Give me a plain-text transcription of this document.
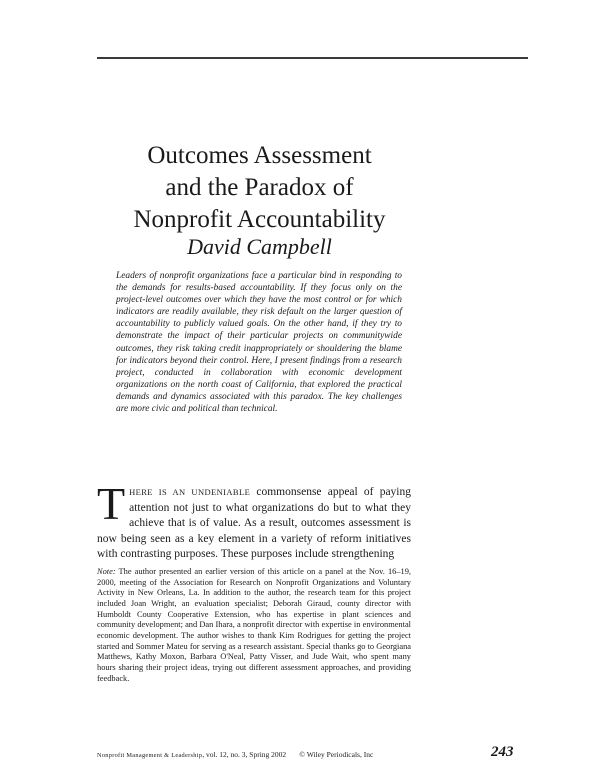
Outcomes Assessment
and the Paradox of
Nonprofit Accountability
David Campbell
Leaders of nonprofit organizations face a particular bind in responding to the demands for results-based accountability. If they focus only on the project-level outcomes over which they have the most control or for which indicators are readily available, they risk default on the larger question of accountability to publicly valued goals. On the other hand, if they try to demonstrate the impact of their particular projects on communitywide outcomes, they risk taking credit inappropriately or shouldering the blame for indicators beyond their control. Here, I present findings from a research project, conducted in collaboration with economic development organizations on the north coast of California, that explored the practical demands and dynamics associated with this paradox. The key challenges are more civic and political than technical.
THERE IS AN UNDENIABLE commonsense appeal of paying attention not just to what organizations do but to what they achieve that is of value. As a result, outcomes assessment is now being seen as a key element in a variety of reform initiatives with contrasting purposes. These purposes include strengthening
Note: The author presented an earlier version of this article on a panel at the Nov. 16–19, 2000, meeting of the Association for Research on Nonprofit Organizations and Voluntary Activity in New Orleans, La. In addition to the author, the research team for this project included Joan Wright, an evaluation specialist; Deborah Giraud, county director with Humboldt County Cooperative Extension, who has expertise in plant sciences and community development; and Dan Ihara, a nonprofit director with expertise in environmental economic development. The author wishes to thank Kim Rodrigues for getting the project started and Sommer Mateu for serving as a research assistant. Special thanks go to Georgiana Matthews, Kathy Moxon, Barbara O'Neal, Patty Visser, and Jude Wait, who spent many hours sharing their project ideas, trying out different assessment approaches, and providing feedback.
Nonprofit Management & Leadership, vol. 12, no. 3, Spring 2002 © Wiley Periodicals, Inc	243
